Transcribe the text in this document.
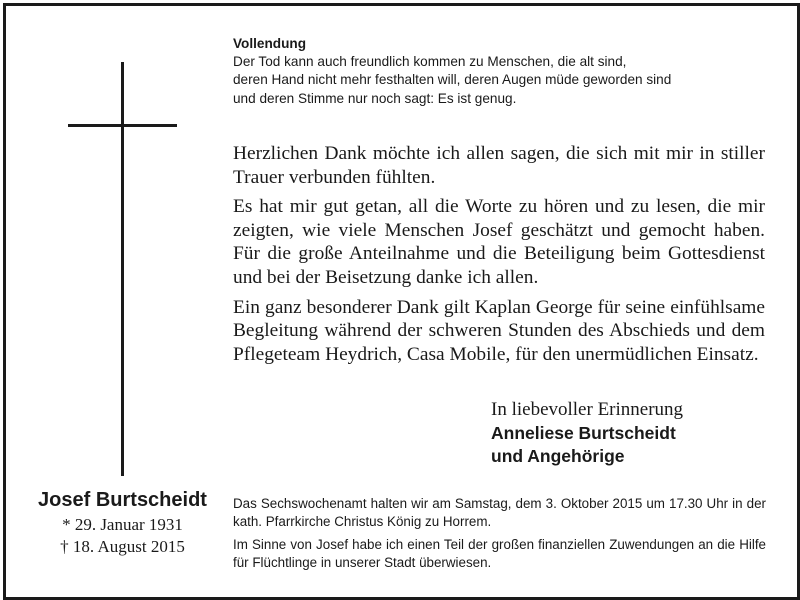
Vollendung
Der Tod kann auch freundlich kommen zu Menschen, die alt sind,
deren Hand nicht mehr festhalten will, deren Augen müde geworden sind
und deren Stimme nur noch sagt: Es ist genug.

Herzlichen Dank möchte ich allen sagen, die sich mit mir in stiller Trauer verbunden fühlten.

Es hat mir gut getan, all die Worte zu hören und zu lesen, die mir zeigten, wie viele Menschen Josef geschätzt und gemocht haben. Für die große Anteilnahme und die Beteiligung beim Gottesdienst und bei der Beisetzung danke ich allen.

Ein ganz besonderer Dank gilt Kaplan George für seine einfühlsame Begleitung während der schweren Stunden des Abschieds und dem Pflegeteam Heydrich, Casa Mobile, für den unermüdlichen Einsatz.

In liebevoller Erinnerung
Anneliese Burtscheidt
und Angehörige
Josef Burtscheidt
* 29. Januar 1931
† 18. August 2015

Das Sechswochenamt halten wir am Samstag, dem 3. Oktober 2015 um 17.30 Uhr in der kath. Pfarrkirche Christus König zu Horrem.

Im Sinne von Josef habe ich einen Teil der großen finanziellen Zuwendungen an die Hilfe für Flüchtlinge in unserer Stadt überwiesen.
